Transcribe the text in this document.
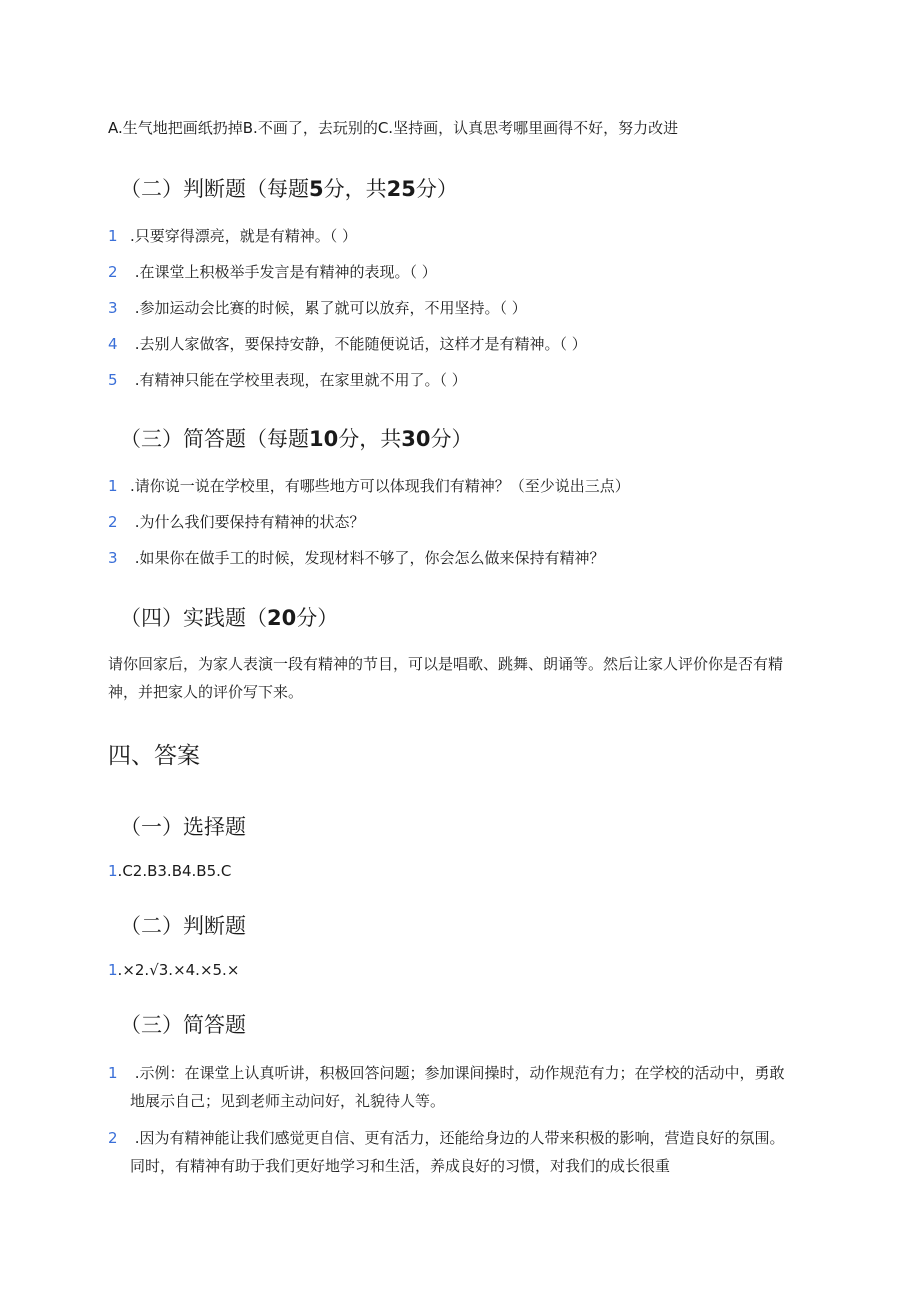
A.生气地把画纸扔掉B.不画了，去玩别的C.坚持画，认真思考哪里画得不好，努力改进
（二）判断题（每题5分，共25分）
1 .只要穿得漂亮，就是有精神。（ ）
2 .在课堂上积极举手发言是有精神的表现。（ ）
3 .参加运动会比赛的时候，累了就可以放弃，不用坚持。（ ）
4 .去别人家做客，要保持安静，不能随便说话，这样才是有精神。（ ）
5 .有精神只能在学校里表现，在家里就不用了。（ ）
（三）简答题（每题10分，共30分）
1 .请你说一说在学校里，有哪些地方可以体现我们有精神？（至少说出三点）
2 .为什么我们要保持有精神的状态？
3 .如果你在做手工的时候，发现材料不够了，你会怎么做来保持有精神？
（四）实践题（20分）
请你回家后，为家人表演一段有精神的节目，可以是唱歌、跳舞、朗诵等。然后让家人评价你是否有精
神，并把家人的评价写下来。
四、答案
（一）选择题
1.C2.B3.B4.B5.C
（二）判断题
1.×2.√3.×4.×5.×
（三）简答题
1 .示例：在课堂上认真听讲，积极回答问题；参加课间操时，动作规范有力；在学校的活动中，勇敢
地展示自己；见到老师主动问好，礼貌待人等。
2 .因为有精神能让我们感觉更自信、更有活力，还能给身边的人带来积极的影响，营造良好的氛围。
同时，有精神有助于我们更好地学习和生活，养成良好的习惯，对我们的成长很重
